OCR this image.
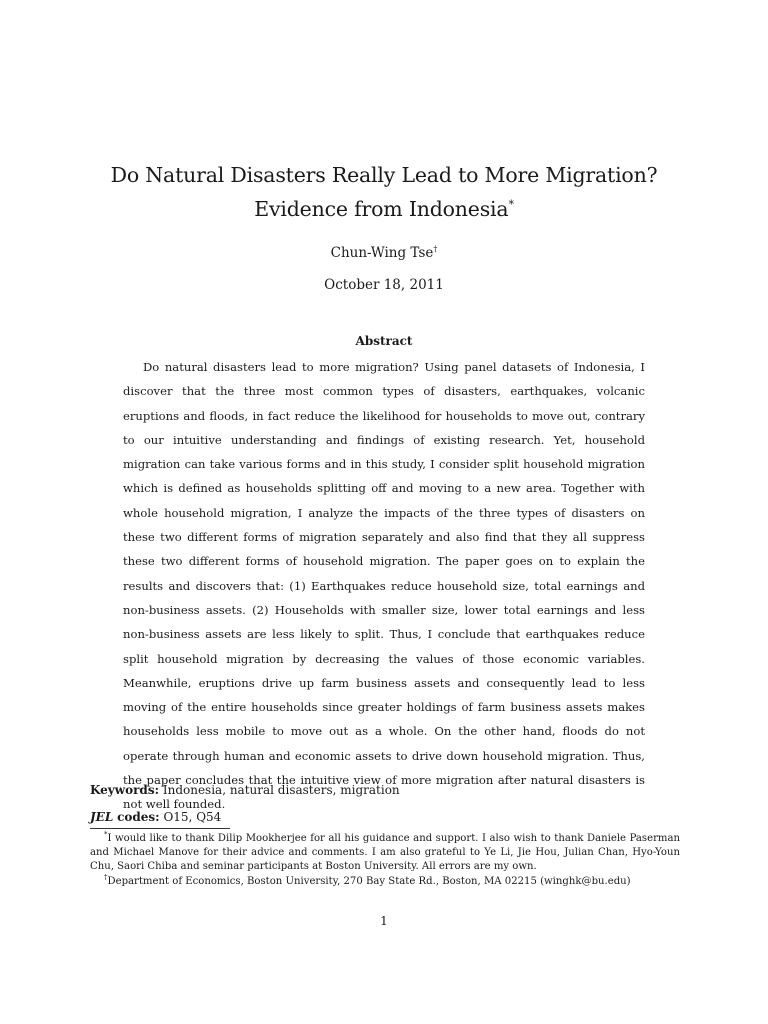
Do Natural Disasters Really Lead to More Migration? Evidence from Indonesia*
Chun-Wing Tse†
October 18, 2011
Abstract

Do natural disasters lead to more migration? Using panel datasets of Indonesia, I discover that the three most common types of disasters, earthquakes, volcanic eruptions and floods, in fact reduce the likelihood for households to move out, contrary to our intuitive understanding and findings of existing research. Yet, household migration can take various forms and in this study, I consider split household migration which is defined as households splitting off and moving to a new area. Together with whole household migration, I analyze the impacts of the three types of disasters on these two different forms of migration separately and also find that they all suppress these two different forms of household migration. The paper goes on to explain the results and discovers that: (1) Earthquakes reduce household size, total earnings and non-business assets. (2) Households with smaller size, lower total earnings and less non-business assets are less likely to split. Thus, I conclude that earthquakes reduce split household migration by decreasing the values of those economic variables. Meanwhile, eruptions drive up farm business assets and consequently lead to less moving of the entire households since greater holdings of farm business assets makes households less mobile to move out as a whole. On the other hand, floods do not operate through human and economic assets to drive down household migration. Thus, the paper concludes that the intuitive view of more migration after natural disasters is not well founded.

Keywords: Indonesia, natural disasters, migration
JEL codes: O15, Q54

*I would like to thank Dilip Mookherjee for all his guidance and support. I also wish to thank Daniele Paserman and Michael Manove for their advice and comments. I am also grateful to Ye Li, Jie Hou, Julian Chan, Hyo-Youn Chu, Saori Chiba and seminar participants at Boston University. All errors are my own.

†Department of Economics, Boston University, 270 Bay State Rd., Boston, MA 02215 (winghk@bu.edu)

1
